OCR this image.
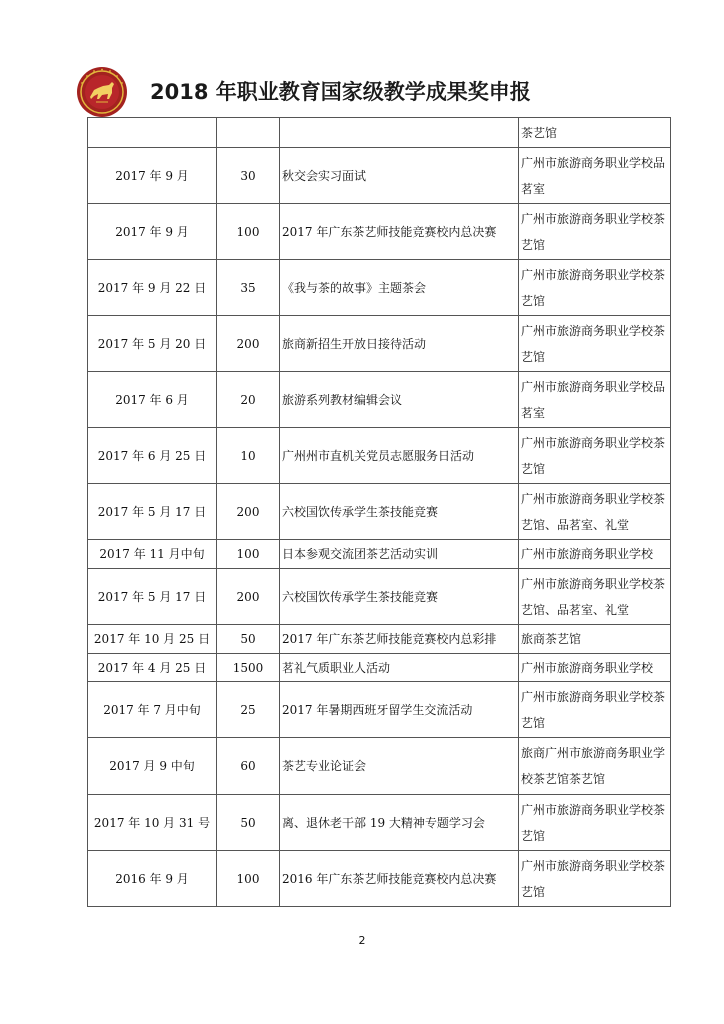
2018 年职业教育国家级教学成果奖申报
			茶艺馆
2017 年 9 月	30	秋交会实习面试	广州市旅游商务职业学校品茗室
2017 年 9 月	100	2017 年广东茶艺师技能竞赛校内总决赛	广州市旅游商务职业学校茶艺馆
2017 年 9 月 22 日	35	《我与茶的故事》主题茶会	广州市旅游商务职业学校茶艺馆
2017 年 5 月 20 日	200	旅商新招生开放日接待活动	广州市旅游商务职业学校茶艺馆
2017 年 6 月	20	旅游系列教材编辑会议	广州市旅游商务职业学校品茗室
2017 年 6 月 25 日	10	广州州市直机关党员志愿服务日活动	广州市旅游商务职业学校茶艺馆
2017 年 5 月 17 日	200	六校国饮传承学生茶技能竞赛	广州市旅游商务职业学校茶艺馆、品茗室、礼堂
2017 年 11 月中旬	100	日本参观交流团茶艺活动实训	广州市旅游商务职业学校
2017 年 5 月 17 日	200	六校国饮传承学生茶技能竞赛	广州市旅游商务职业学校茶艺馆、品茗室、礼堂
2017 年 10 月 25 日	50	2017 年广东茶艺师技能竞赛校内总彩排	旅商茶艺馆
2017 年 4 月 25 日	1500	茗礼气质职业人活动	广州市旅游商务职业学校
2017 年 7 月中旬	25	2017 年暑期西班牙留学生交流活动	广州市旅游商务职业学校茶艺馆
2017 月 9 中旬	60	茶艺专业论证会	旅商广州市旅游商务职业学校茶艺馆茶艺馆
2017 年 10 月 31 号	50	离、退休老干部 19 大精神专题学习会	广州市旅游商务职业学校茶艺馆
2016 年 9 月	100	2016 年广东茶艺师技能竞赛校内总决赛	广州市旅游商务职业学校茶艺馆
2
